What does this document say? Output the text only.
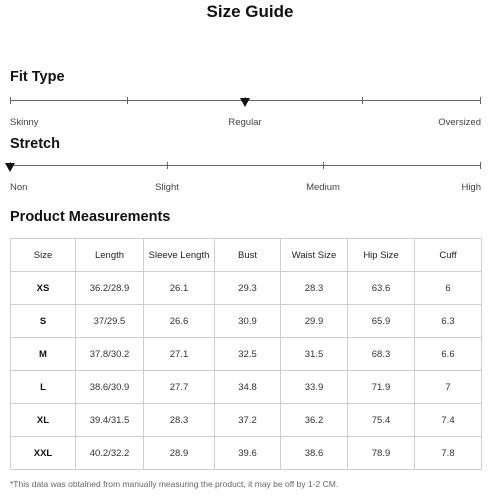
Size Guide
Fit Type
Skinny	Regular	Oversized
Stretch
Non	Slight	Medium	High
Product Measurements
Size	Length	Sleeve Length	Bust	Waist Size	Hip Size	Cuff
XS	36.2/28.9	26.1	29.3	28.3	63.6	6
S	37/29.5	26.6	30.9	29.9	65.9	6.3
M	37.8/30.2	27.1	32.5	31.5	68.3	6.6
L	38.6/30.9	27.7	34.8	33.9	71.9	7
XL	39.4/31.5	28.3	37.2	36.2	75.4	7.4
XXL	40.2/32.2	28.9	39.6	38.6	78.9	7.8
*This data was obtained from manually measuring the product, it may be off by 1-2 CM.
